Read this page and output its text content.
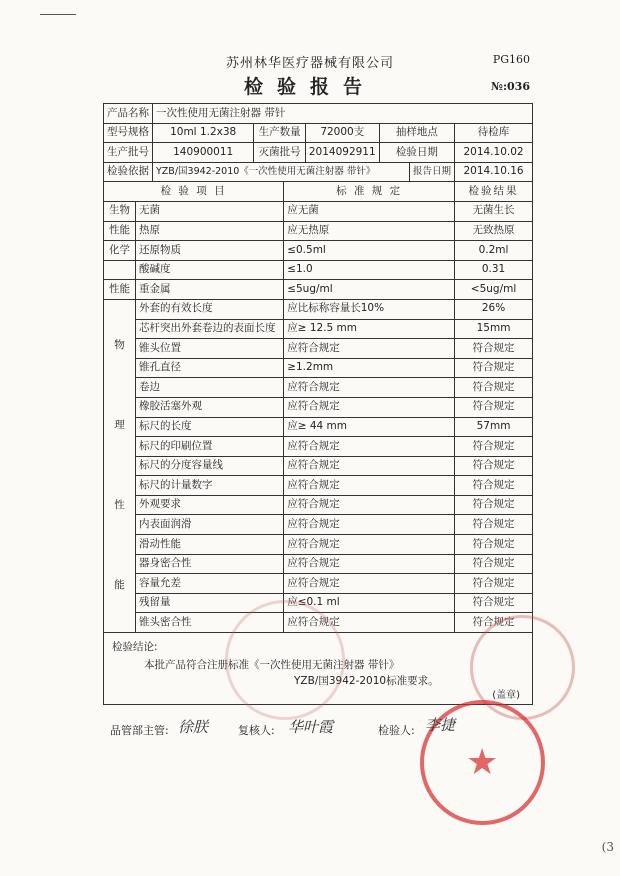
苏州林华医疗器械有限公司	PG160
检验报告	№:036
产品名称		一次性使用无菌注射器 带针						
型号规格		10ml 1.2x38	生产数量		72000支	抽样地点		待检库
生产批号		140900011	灭菌批号		2014092911	检验日期		2014.10.02
检验依据		YZB/国3942-2010《一次性使用无菌注射器 带针》					报告日期	2014.10.16
检 验 项 目				标 准 规 定				检验结果
生物	无菌			应无菌				无菌生长
性能	热原			应无热原				无致热原
化学	还原物质			≤0.5ml				0.2ml
	酸碱度			≤1.0				0.31
性能	重金属			≤5ug/ml				<5ug/ml

物
理
性
能	外套的有效长度			应比标称容量长10%				26%
	芯杆突出外套卷边的表面长度			应≥ 12.5 mm				15mm
	锥头位置			应符合规定				符合规定
	锥孔直径			≥1.2mm				符合规定
	卷边			应符合规定				符合规定
	橡胶活塞外观			应符合规定				符合规定
	标尺的长度			应≥ 44 mm				57mm
	标尺的印刷位置			应符合规定				符合规定
	标尺的分度容量线			应符合规定				符合规定
	标尺的计量数字			应符合规定				符合规定
	外观要求			应符合规定				符合规定
	内表面润滑			应符合规定				符合规定
	滑动性能			应符合规定				符合规定
	器身密合性			应符合规定				符合规定
	容量允差			应符合规定				符合规定
	残留量			应≤0.1 ml				符合规定
	锥头密合性			应符合规定				符合规定
检验结论:
本批产品符合注册标准《一次性使用无菌注射器 带针》
YZB/国3942-2010标准要求。
(盖章)
★
品管部主管: 徐朕	复核人: 华叶霞	检验人: 李捷
(3
